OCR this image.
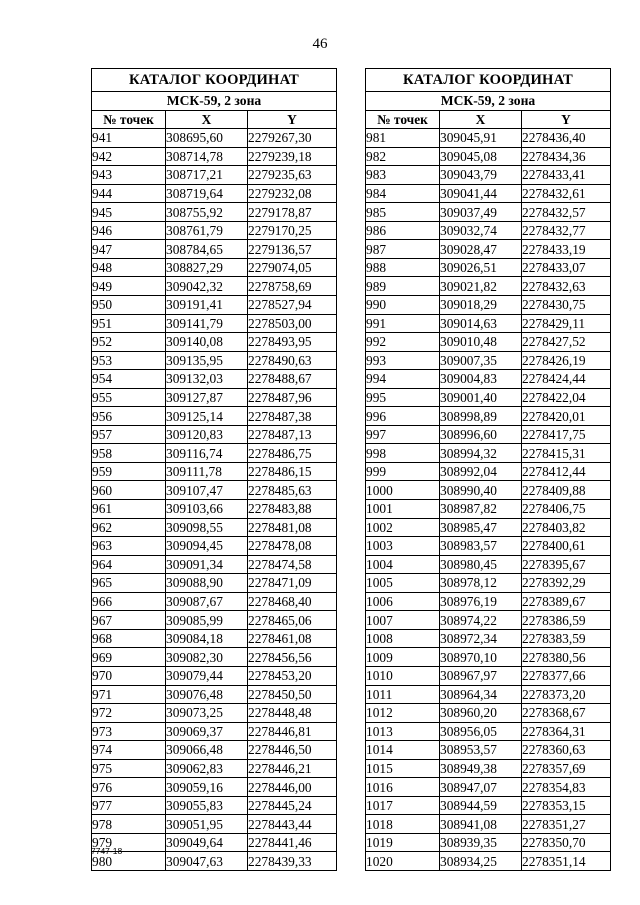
46
КАТАЛОГ КООРДИНАТ		
МСК-59, 2 зона		
№ точек	X	Y
941	308695,60	2279267,30
942	308714,78	2279239,18
943	308717,21	2279235,63
944	308719,64	2279232,08
945	308755,92	2279178,87
946	308761,79	2279170,25
947	308784,65	2279136,57
948	308827,29	2279074,05
949	309042,32	2278758,69
950	309191,41	2278527,94
951	309141,79	2278503,00
952	309140,08	2278493,95
953	309135,95	2278490,63
954	309132,03	2278488,67
955	309127,87	2278487,96
956	309125,14	2278487,38
957	309120,83	2278487,13
958	309116,74	2278486,75
959	309111,78	2278486,15
960	309107,47	2278485,63
961	309103,66	2278483,88
962	309098,55	2278481,08
963	309094,45	2278478,08
964	309091,34	2278474,58
965	309088,90	2278471,09
966	309087,67	2278468,40
967	309085,99	2278465,06
968	309084,18	2278461,08
969	309082,30	2278456,56
970	309079,44	2278453,20
971	309076,48	2278450,50
972	309073,25	2278448,48
973	309069,37	2278446,81
974	309066,48	2278446,50
975	309062,83	2278446,21
976	309059,16	2278446,00
977	309055,83	2278445,24
978	309051,95	2278443,44
979	309049,64	2278441,46
980	309047,63	2278439,33
КАТАЛОГ КООРДИНАТ		
МСК-59, 2 зона		
№ точек	X	Y
981	309045,91	2278436,40
982	309045,08	2278434,36
983	309043,79	2278433,41
984	309041,44	2278432,61
985	309037,49	2278432,57
986	309032,74	2278432,77
987	309028,47	2278433,19
988	309026,51	2278433,07
989	309021,82	2278432,63
990	309018,29	2278430,75
991	309014,63	2278429,11
992	309010,48	2278427,52
993	309007,35	2278426,19
994	309004,83	2278424,44
995	309001,40	2278422,04
996	308998,89	2278420,01
997	308996,60	2278417,75
998	308994,32	2278415,31
999	308992,04	2278412,44
1000	308990,40	2278409,88
1001	308987,82	2278406,75
1002	308985,47	2278403,82
1003	308983,57	2278400,61
1004	308980,45	2278395,67
1005	308978,12	2278392,29
1006	308976,19	2278389,67
1007	308974,22	2278386,59
1008	308972,34	2278383,59
1009	308970,10	2278380,56
1010	308967,97	2278377,66
1011	308964,34	2278373,20
1012	308960,20	2278368,67
1013	308956,05	2278364,31
1014	308953,57	2278360,63
1015	308949,38	2278357,69
1016	308947,07	2278354,83
1017	308944,59	2278353,15
1018	308941,08	2278351,27
1019	308939,35	2278350,70
1020	308934,25	2278351,14
7747-18
